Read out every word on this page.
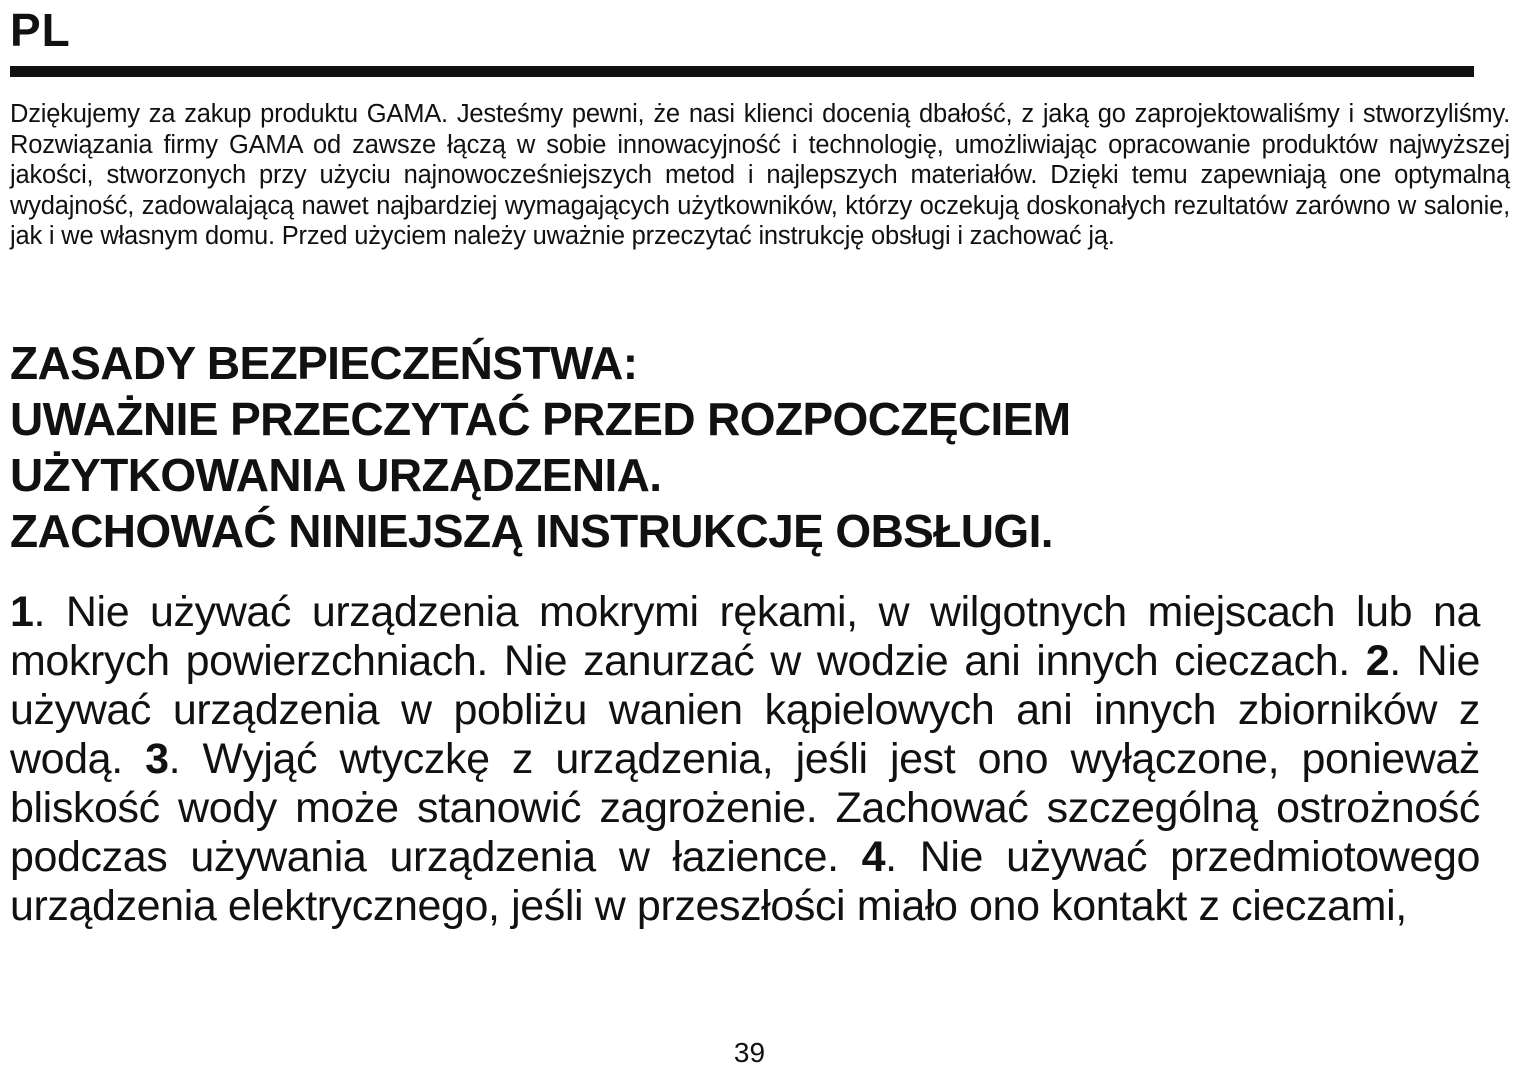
PL

Dziękujemy za zakup produktu GAMA. Jesteśmy pewni, że nasi klienci docenią dbałość, z jaką go zaprojektowaliśmy i stworzyliśmy. Rozwiązania firmy GAMA od zawsze łączą w sobie innowacyjność i technologię, umożliwiając opracowanie produktów najwyższej jakości, stworzonych przy użyciu najnowocześniejszych metod i najlepszych materiałów. Dzięki temu zapewniają one optymalną wydajność, zadowalającą nawet najbardziej wymagających użytkowników, którzy oczekują doskonałych rezultatów zarówno w salonie, jak i we własnym domu. Przed użyciem należy uważnie przeczytać instrukcję obsługi i zachować ją.

ZASADY BEZPIECZEŃSTWA:
UWAŻNIE PRZECZYTAĆ PRZED ROZPOCZĘCIEM
UŻYTKOWANIA URZĄDZENIA.
ZACHOWAĆ NINIEJSZĄ INSTRUKCJĘ OBSŁUGI.

1. Nie używać urządzenia mokrymi rękami, w wilgotnych miejscach lub na mokrych powierzchniach. Nie zanurzać w wodzie ani innych cieczach. 2. Nie używać urządzenia w pobliżu wanien kąpielowych ani innych zbiorników z wodą. 3. Wyjąć wtyczkę z urządzenia, jeśli jest ono wyłączone, ponieważ bliskość wody może stanowić zagrożenie. Zachować szczególną ostrożność podczas używania urządzenia w łazience. 4. Nie używać przedmiotowego urządzenia elektrycznego, jeśli w przeszłości miało ono kontakt z cieczami,

39
